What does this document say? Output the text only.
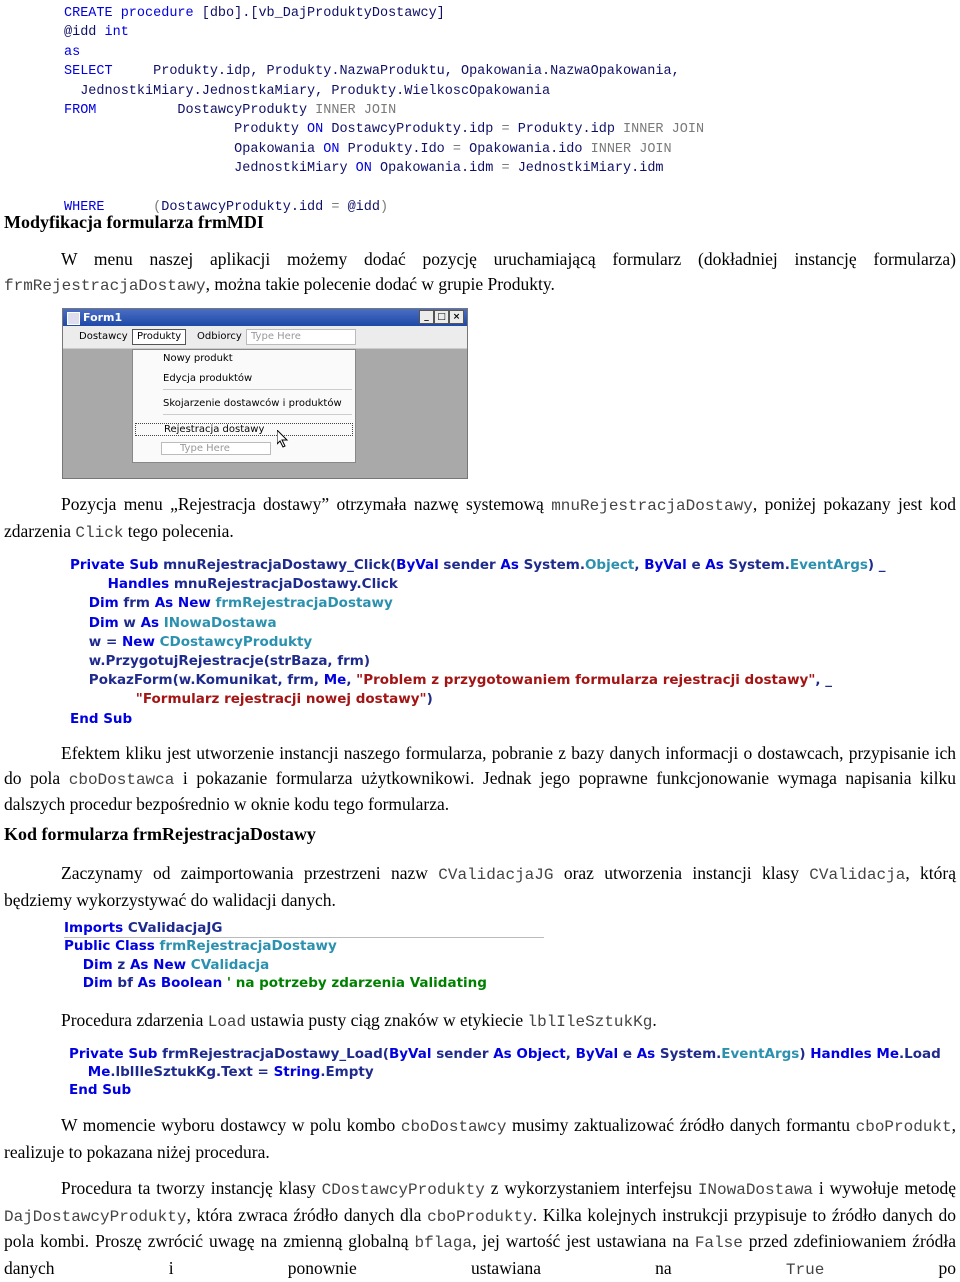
CREATE procedure [dbo].[vb_DajProduktyDostawcy]
@idd int
as
SELECT     Produkty.idp, Produkty.NazwaProduktu, Opakowania.NazwaOpakowania,
JednostkiMiary.JednostkaMiary, Produkty.WielkoscOpakowania
FROM          DostawcyProdukty INNER JOIN
Produkty ON DostawcyProdukty.idp = Produkty.idp INNER JOIN
Opakowania ON Produkty.Ido = Opakowania.ido INNER JOIN
JednostkiMiary ON Opakowania.idm = JednostkiMiary.idm

WHERE      (DostawcyProdukty.idd = @idd)
Modyfikacja formularza frmMDI

W menu naszej aplikacji możemy dodać pozycję uruchamiającą formularz (dokładniej instancję formularza) frmRejestracjaDostawy, można takie polecenie dodać w grupie Produkty.

Form1	_ □ ×
Dostawcy Produkty	Odbiorcy Type Here
Nowy produkt
Edycja produktów
Skojarzenie dostawców i produktów
Rejestracja dostawy
Type Here

Pozycja menu „Rejestracja dostawy” otrzymała nazwę systemową mnuRejestracjaDostawy, poniżej pokazany jest kod zdarzenia Click tego polecenia.

Private Sub mnuRejestracjaDostawy_Click(ByVal sender As System.Object, ByVal e As System.EventArgs) _
Handles mnuRejestracjaDostawy.Click
Dim frm As New frmRejestracjaDostawy
Dim w As INowaDostawa
w = New CDostawcyProdukty
w.PrzygotujRejestracje(strBaza, frm)
PokazForm(w.Komunikat, frm, Me, "Problem z przygotowaniem formularza rejestracji dostawy", _
"Formularz rejestracji nowej dostawy")
End Sub

Efektem kliku jest utworzenie instancji naszego formularza, pobranie z bazy danych informacji o dostawcach, przypisanie ich do pola cboDostawca i pokazanie formularza użytkownikowi. Jednak jego poprawne funkcjonowanie wymaga napisania kilku dalszych procedur bezpośrednio w oknie kodu tego formularza.

Kod formularza frmRejestracjaDostawy

Zaczynamy od zaimportowania przestrzeni nazw CValidacjaJG oraz utworzenia instancji klasy CValidacja, którą będziemy wykorzystywać do walidacji danych.

Imports CValidacjaJG
Public Class frmRejestracjaDostawy
Dim z As New CValidacja
Dim bf As Boolean ' na potrzeby zdarzenia Validating

Procedura zdarzenia Load ustawia pusty ciąg znaków w etykiecie lblIleSztukKg.

Private Sub frmRejestracjaDostawy_Load(ByVal sender As Object, ByVal e As System.EventArgs) Handles Me.Load
Me.lblIleSztukKg.Text = String.Empty
End Sub

W momencie wyboru dostawcy w polu kombo cboDostawcy musimy zaktualizować źródło danych formantu cboProdukt, realizuje to pokazana niżej procedura.

Procedura ta tworzy instancję klasy CDostawcyProdukty z wykorzystaniem interfejsu INowaDostawa i wywołuje metodę DajDostawcyProdukty, która zwraca źródło danych dla cboProdukty. Kilka kolejnych instrukcji przypisuje to źródło danych do pola kombi. Proszę zwrócić uwagę na zmienną globalną bflaga, jej wartość jest ustawiana na False przed zdefiniowaniem źródła danych i ponownie ustawiana na True po
